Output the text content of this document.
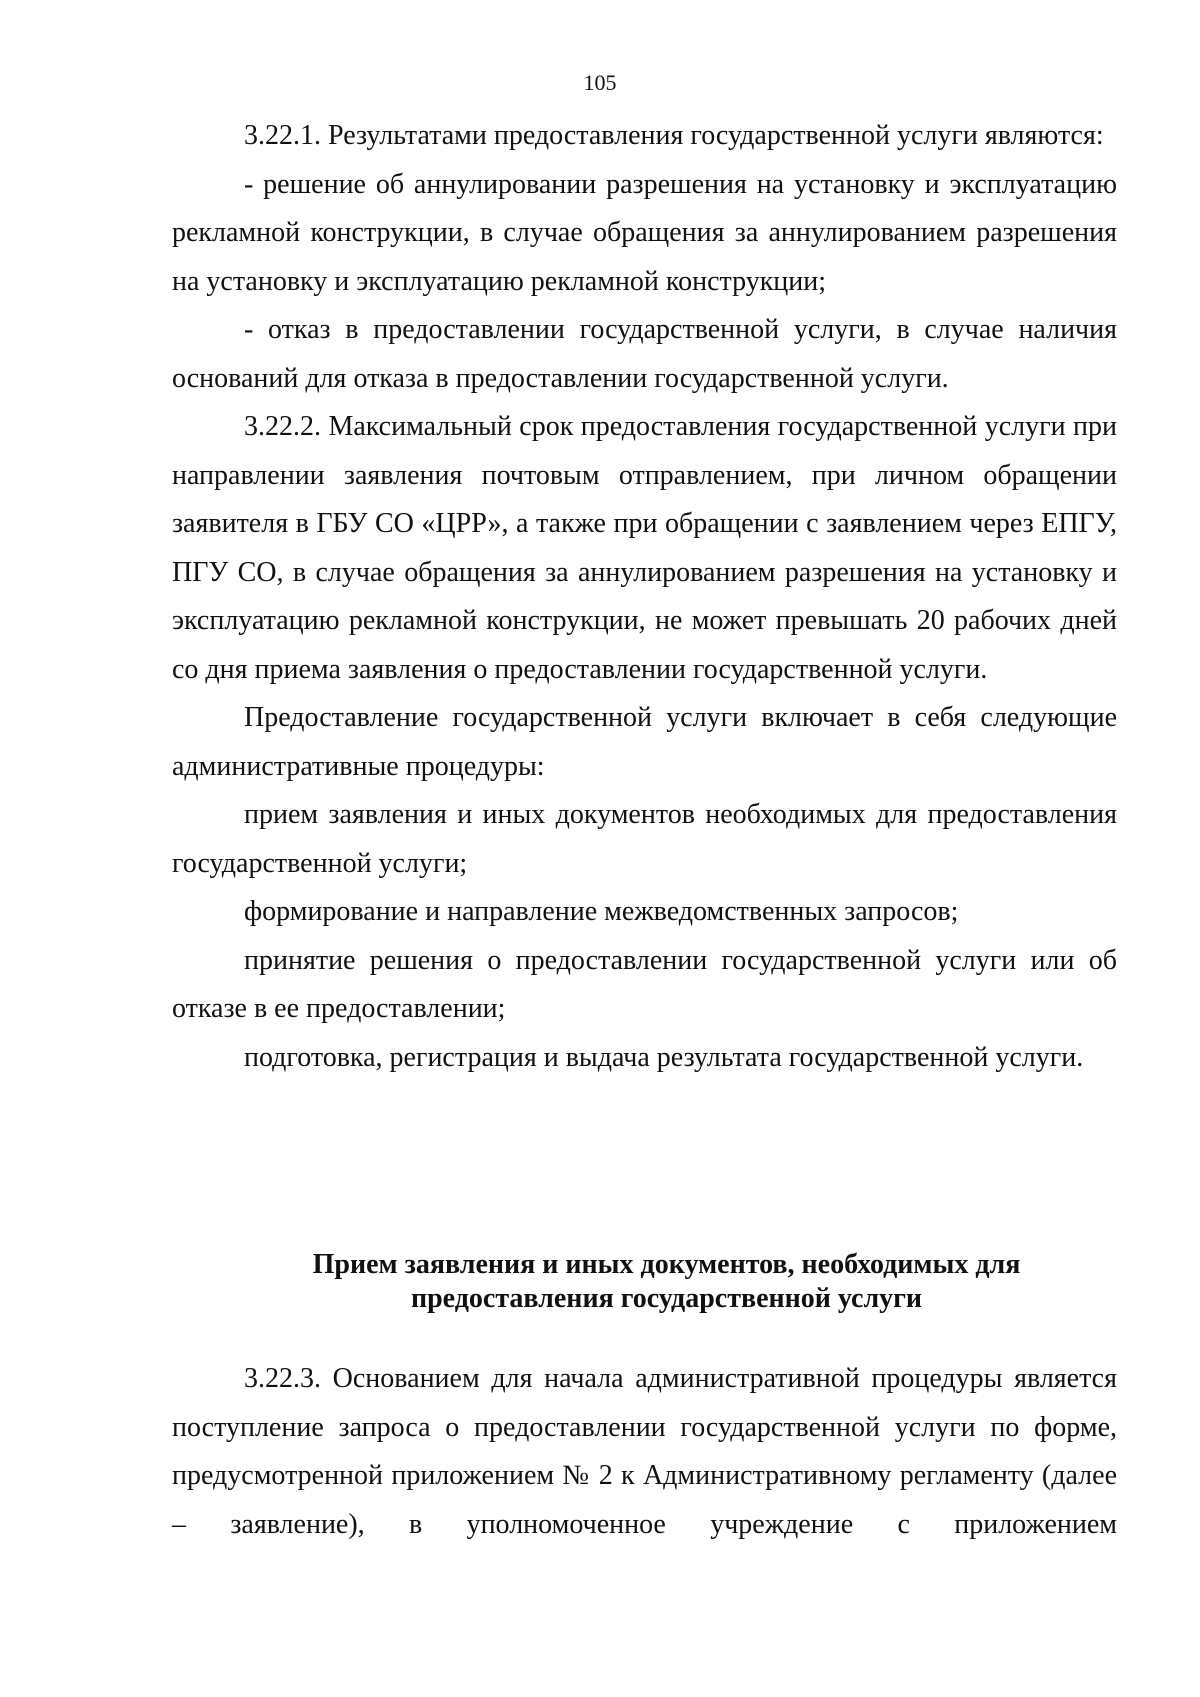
105

3.22.1. Результатами предоставления государственной услуги являются:

- решение об аннулировании разрешения на установку и эксплуатацию рекламной конструкции, в случае обращения за аннулированием разрешения на установку и эксплуатацию рекламной конструкции;

- отказ в предоставлении государственной услуги, в случае наличия оснований для отказа в предоставлении государственной услуги.

3.22.2. Максимальный срок предоставления государственной услуги при направлении заявления почтовым отправлением, при личном обращении заявителя в ГБУ СО «ЦРР», а также при обращении с заявлением через ЕПГУ, ПГУ СО, в случае обращения за аннулированием разрешения на установку и эксплуатацию рекламной конструкции, не может превышать 20 рабочих дней со дня приема заявления о предоставлении государственной услуги.

Предоставление государственной услуги включает в себя следующие административные процедуры:

прием заявления и иных документов необходимых для предоставления государственной услуги;

формирование и направление межведомственных запросов;

принятие решения о предоставлении государственной услуги или об отказе в ее предоставлении;

подготовка, регистрация и выдача результата государственной услуги.

Прием заявления и иных документов, необходимых для
предоставления государственной услуги

3.22.3. Основанием для начала административной процедуры является поступление запроса о предоставлении государственной услуги по форме, предусмотренной приложением № 2 к Административному регламенту (далее – заявление), в уполномоченное учреждение с приложением
